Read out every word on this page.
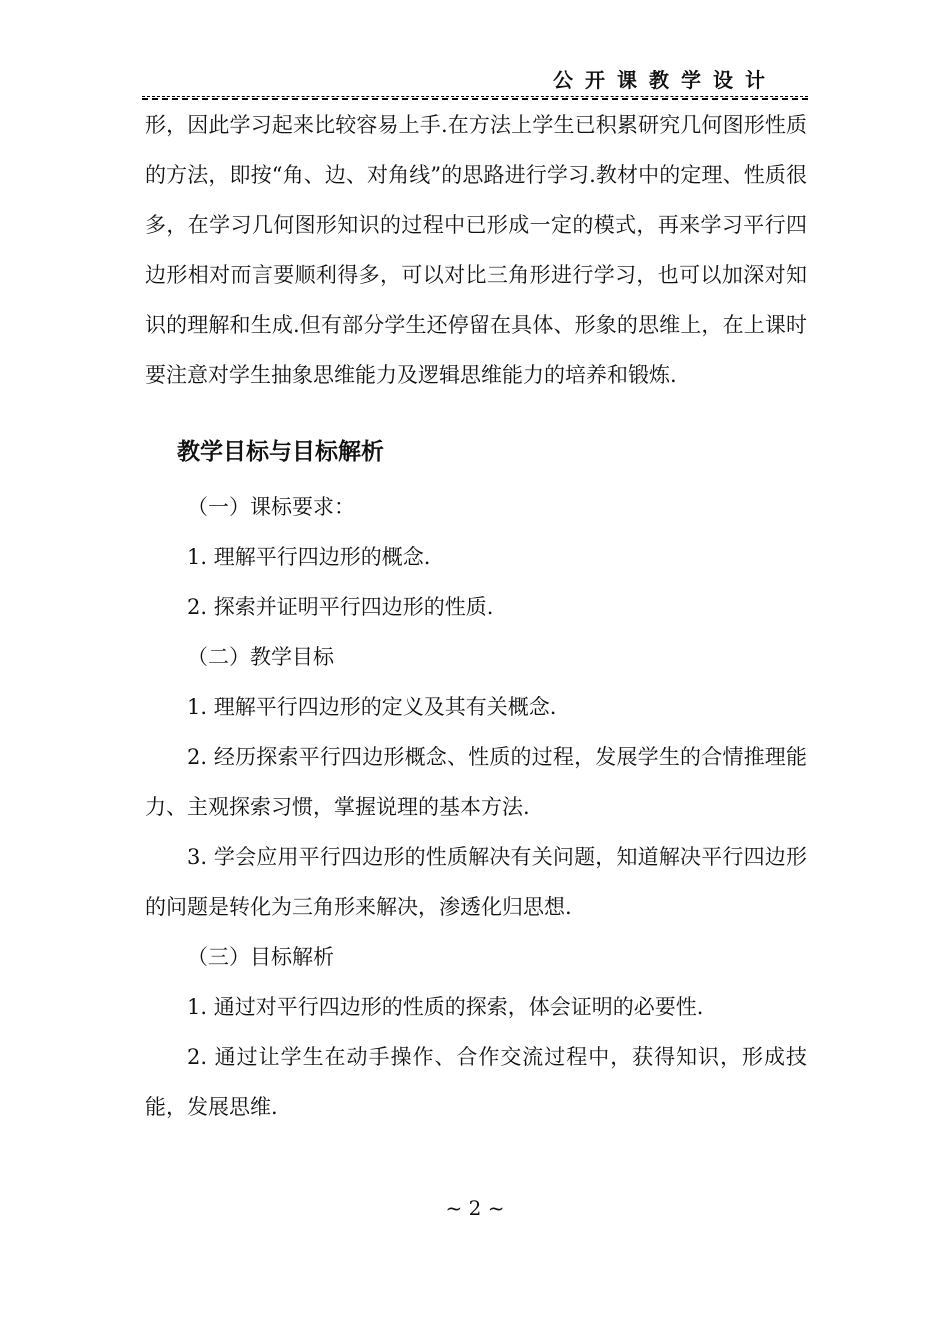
公开课教学设计

形，因此学习起来比较容易上手.在方法上学生已积累研究几何图形性质的方法，即按“角、边、对角线”的思路进行学习.教材中的定理、性质很多，在学习几何图形知识的过程中已形成一定的模式，再来学习平行四边形相对而言要顺利得多，可以对比三角形进行学习，也可以加深对知识的理解和生成.但有部分学生还停留在具体、形象的思维上，在上课时要注意对学生抽象思维能力及逻辑思维能力的培养和锻炼.

教学目标与目标解析

（一）课标要求：

1. 理解平行四边形的概念.

2. 探索并证明平行四边形的性质.

（二）教学目标

1. 理解平行四边形的定义及其有关概念.

2. 经历探索平行四边形概念、性质的过程，发展学生的合情推理能力、主观探索习惯，掌握说理的基本方法.

3. 学会应用平行四边形的性质解决有关问题，知道解决平行四边形的问题是转化为三角形来解决，渗透化归思想.

（三）目标解析

1. 通过对平行四边形的性质的探索，体会证明的必要性.

2. 通过让学生在动手操作、合作交流过程中，获得知识，形成技能，发展思维.

~ 2 ~
